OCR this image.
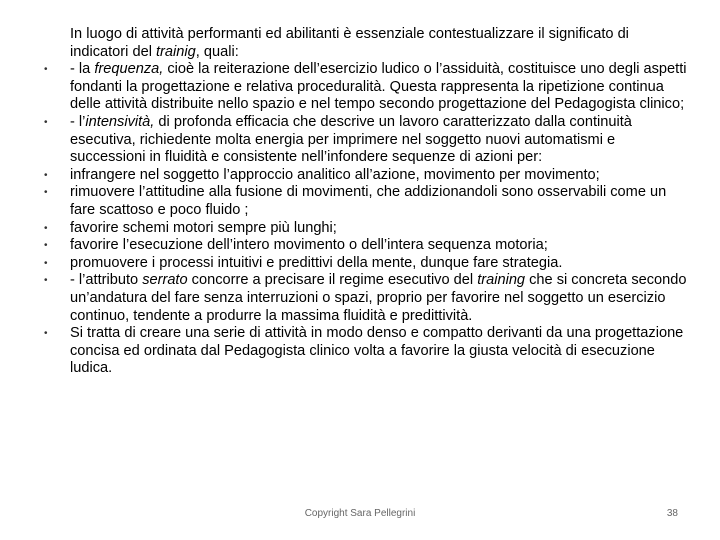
In luogo di attività performanti ed abilitanti è essenziale contestualizzare il significato di indicatori del trainig, quali:

•	- la frequenza, cioè la reiterazione dell’esercizio ludico o l’assiduità, costituisce uno degli aspetti fondanti la progettazione e relativa proceduralità. Questa rappresenta la ripetizione continua delle attività distribuite nello spazio e nel tempo secondo progettazione del Pedagogista clinico;
•	- l’intensività, di profonda efficacia che descrive un lavoro caratterizzato dalla continuità esecutiva, richiedente molta energia per imprimere nel soggetto nuovi automatismi e successioni in fluidità e consistente nell’infondere sequenze di azioni per:
•	infrangere nel soggetto l’approccio analitico all’azione, movimento per movimento;
•	rimuovere l’attitudine alla fusione di movimenti, che addizionandoli sono osservabili come un fare scattoso e poco fluido ;
•	favorire schemi motori sempre più lunghi;
•	favorire l’esecuzione dell’intero movimento o dell’intera sequenza motoria;
•	promuovere i processi intuitivi e predittivi della mente, dunque fare strategia.
•	- l’attributo serrato concorre a precisare il regime esecutivo del training che si concreta secondo un’andatura del fare senza interruzioni o spazi, proprio per favorire nel soggetto un esercizio continuo, tendente a produrre la massima fluidità e predittività.
•	Si tratta di creare una serie di attività in modo denso e compatto derivanti da una progettazione concisa ed ordinata dal Pedagogista clinico volta a favorire la giusta velocità di esecuzione ludica.
Copyright Sara Pellegrini	38
